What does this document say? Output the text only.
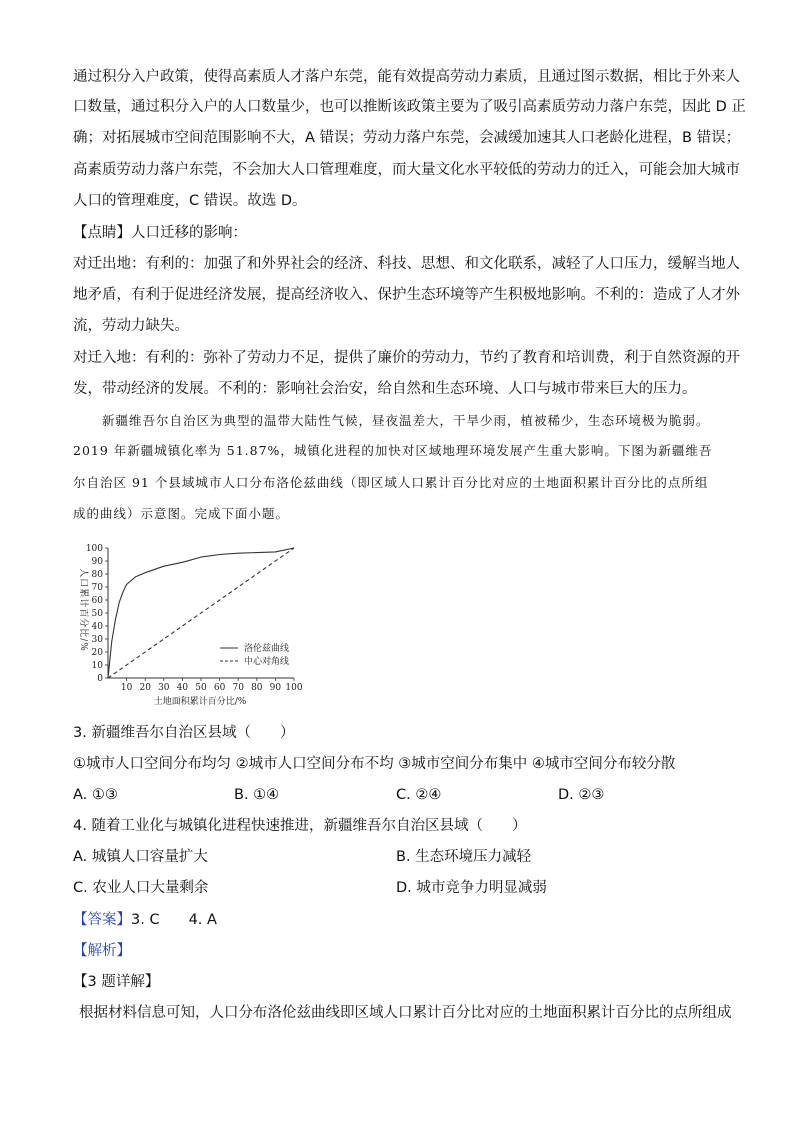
通过积分入户政策，使得高素质人才落户东莞，能有效提高劳动力素质，且通过图示数据，相比于外来人
口数量，通过积分入户的人口数量少，也可以推断该政策主要为了吸引高素质劳动力落户东莞，因此 D 正
确；对拓展城市空间范围影响不大，A 错误；劳动力落户东莞，会减缓加速其人口老龄化进程，B 错误；
高素质劳动力落户东莞，不会加大人口管理难度，而大量文化水平较低的劳动力的迁入，可能会加大城市
人口的管理难度，C 错误。故选 D。
【点睛】人口迁移的影响：
对迁出地：有利的：加强了和外界社会的经济、科技、思想、和文化联系，减轻了人口压力，缓解当地人
地矛盾，有利于促进经济发展，提高经济收入、保护生态环境等产生积极地影响。不利的：造成了人才外
流，劳动力缺失。
对迁入地：有利的：弥补了劳动力不足，提供了廉价的劳动力，节约了教育和培训费，利于自然资源的开
发，带动经济的发展。不利的：影响社会治安，给自然和生态环境、人口与城市带来巨大的压力。
新疆维吾尔自治区为典型的温带大陆性气候，昼夜温差大，干旱少雨，植被稀少，生态环境极为脆弱。
2019 年新疆城镇化率为 51.87%，城镇化进程的加快对区域地理环境发展产生重大影响。下图为新疆维吾
尔自治区 91 个县域城市人口分布洛伦兹曲线（即区域人口累计百分比对应的土地面积累计百分比的点所组
成的曲线）示意图。完成下面小题。
0
10
20
30
40
50
60
70
80
90
100
10 20 30 40 50 60 70 80 90 100
洛伦兹曲线
中心对角线
土地面积累计百分比/%
人口累计百分比/%
3. 新疆维吾尔自治区县域（　　）
①城市人口空间分布均匀 ②城市人口空间分布不均 ③城市空间分布集中 ④城市空间分布较分散
A. ①③	B. ①④	C. ②④	D. ②③
4. 随着工业化与城镇化进程快速推进，新疆维吾尔自治区县域（　　）
A. 城镇人口容量扩大	B. 生态环境压力减轻
C. 农业人口大量剩余	D. 城市竞争力明显减弱
【答案】3. C　　4. A
【解析】
【3 题详解】
根据材料信息可知，人口分布洛伦兹曲线即区域人口累计百分比对应的土地面积累计百分比的点所组成
